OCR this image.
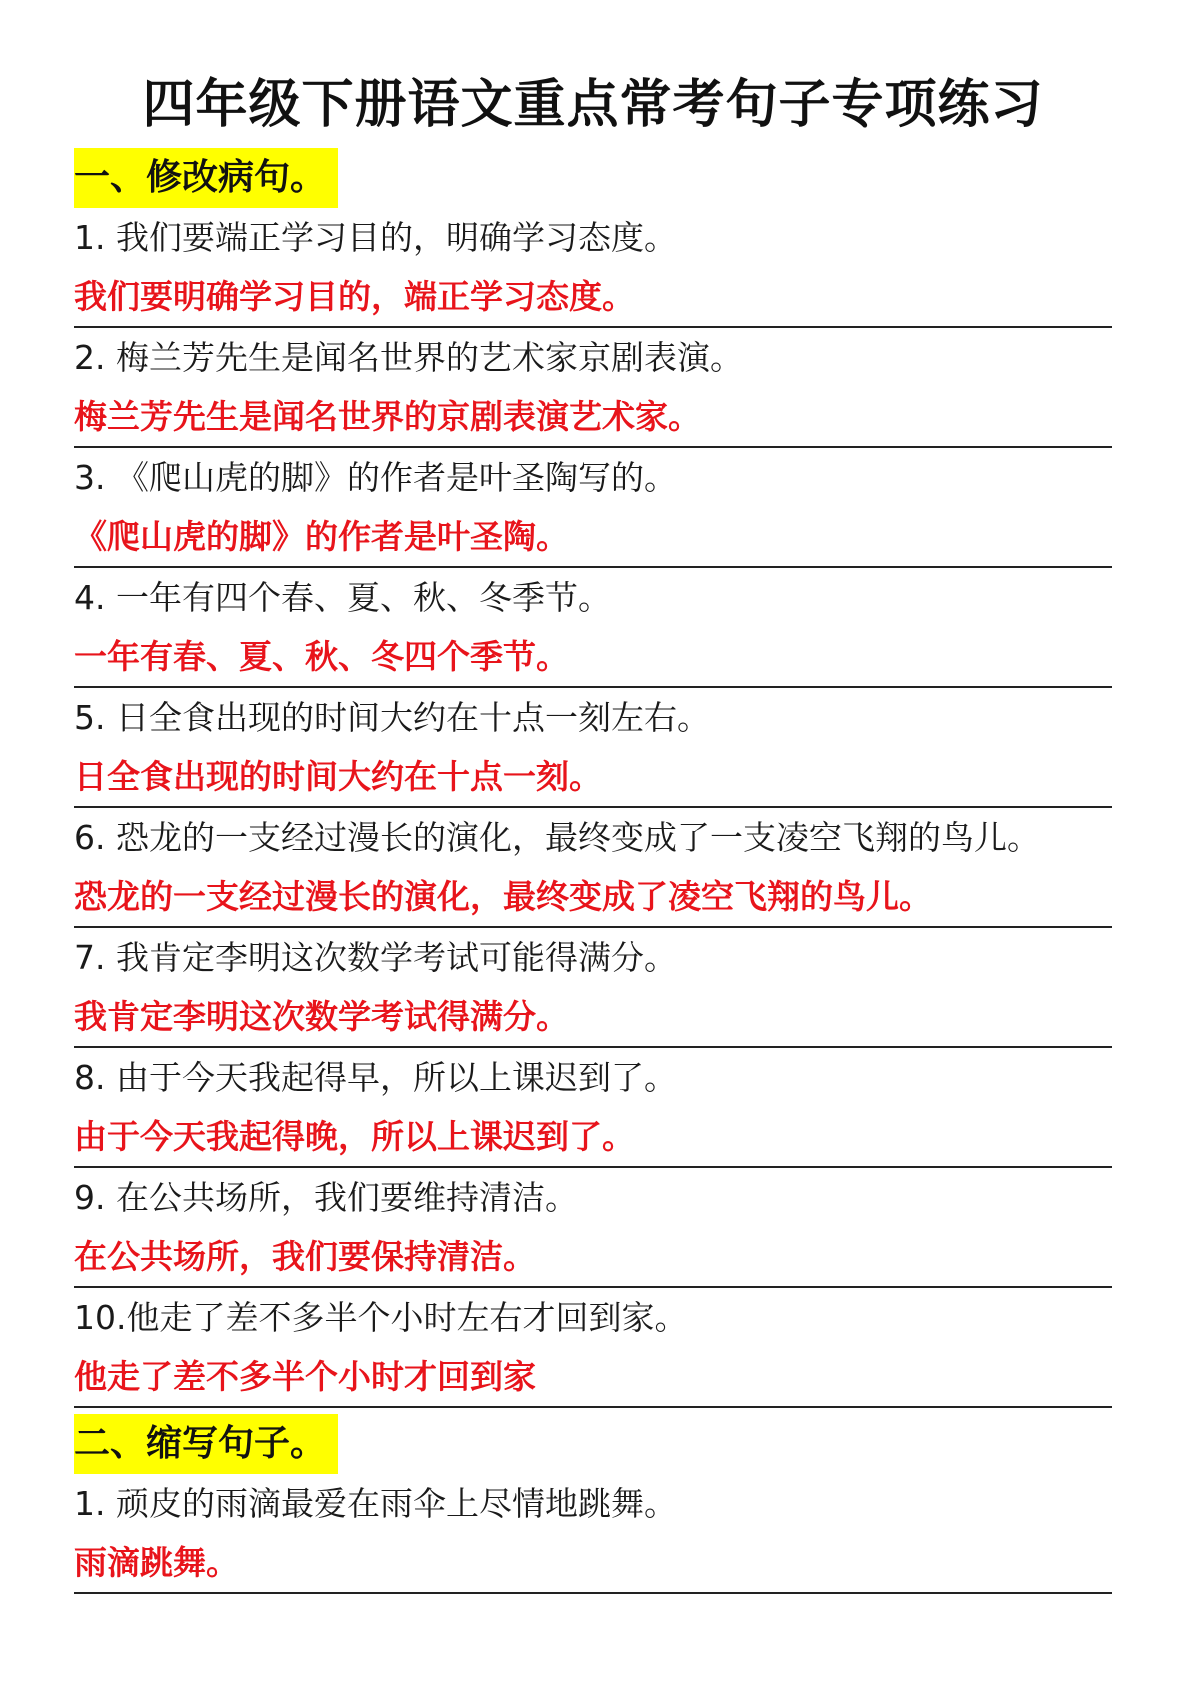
四年级下册语文重点常考句子专项练习
一、修改病句。
1. 我们要端正学习目的，明确学习态度。
我们要明确学习目的，端正学习态度。
2. 梅兰芳先生是闻名世界的艺术家京剧表演。
梅兰芳先生是闻名世界的京剧表演艺术家。
3. 《爬山虎的脚》的作者是叶圣陶写的。
《爬山虎的脚》的作者是叶圣陶。
4. 一年有四个春、夏、秋、冬季节。
一年有春、夏、秋、冬四个季节。
5. 日全食出现的时间大约在十点一刻左右。
日全食出现的时间大约在十点一刻。
6. 恐龙的一支经过漫长的演化，最终变成了一支凌空飞翔的鸟儿。
恐龙的一支经过漫长的演化，最终变成了凌空飞翔的鸟儿。
7. 我肯定李明这次数学考试可能得满分。
我肯定李明这次数学考试得满分。
8. 由于今天我起得早，所以上课迟到了。
由于今天我起得晚，所以上课迟到了。
9. 在公共场所，我们要维持清洁。
在公共场所，我们要保持清洁。
10.他走了差不多半个小时左右才回到家。
他走了差不多半个小时才回到家
二、缩写句子。
1. 顽皮的雨滴最爱在雨伞上尽情地跳舞。
雨滴跳舞。
